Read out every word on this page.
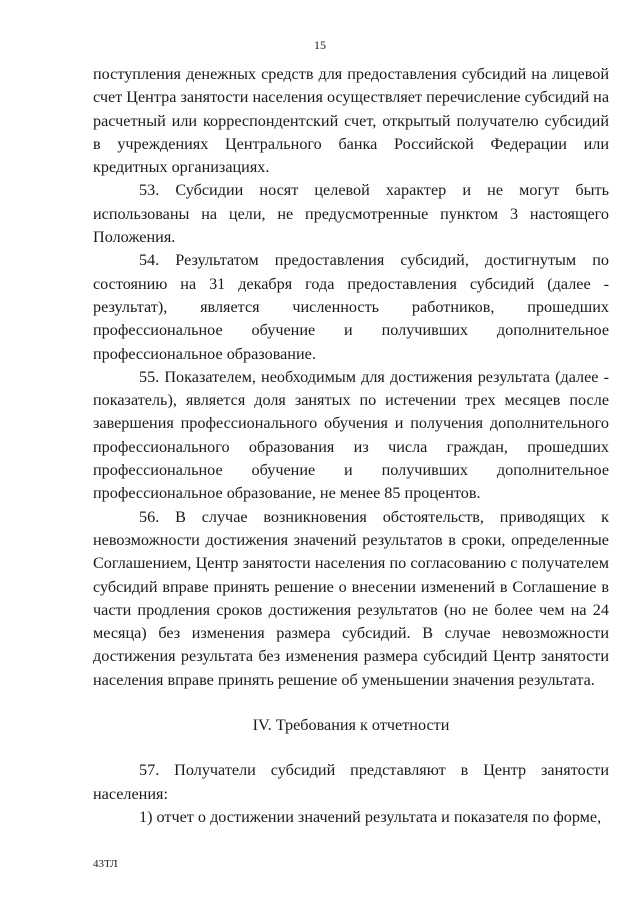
15

поступления денежных средств для предоставления субсидий на лицевой счет Центра занятости населения осуществляет перечисление субсидий на расчетный или корреспондентский счет, открытый получателю субсидий в учреждениях Центрального банка Российской Федерации или кредитных организациях.

53. Субсидии носят целевой характер и не могут быть использованы на цели, не предусмотренные пунктом 3 настоящего Положения.

54. Результатом предоставления субсидий, достигнутым по состоянию на 31 декабря года предоставления субсидий (далее - результат), является численность работников, прошедших профессиональное обучение и получивших дополнительное профессиональное образование.

55. Показателем, необходимым для достижения результата (далее - показатель), является доля занятых по истечении трех месяцев после завершения профессионального обучения и получения дополнительного профессионального образования из числа граждан, прошедших профессиональное обучение и получивших дополнительное профессиональное образование, не менее 85 процентов.

56. В случае возникновения обстоятельств, приводящих к невозможности достижения значений результатов в сроки, определенные Соглашением, Центр занятости населения по согласованию с получателем субсидий вправе принять решение о внесении изменений в Соглашение в части продления сроков достижения результатов (но не более чем на 24 месяца) без изменения размера субсидий. В случае невозможности достижения результата без изменения размера субсидий Центр занятости населения вправе принять решение об уменьшении значения результата.

IV. Требования к отчетности

57. Получатели субсидий представляют в Центр занятости населения:

1) отчет о достижении значений результата и показателя по форме,

43ТЛ
